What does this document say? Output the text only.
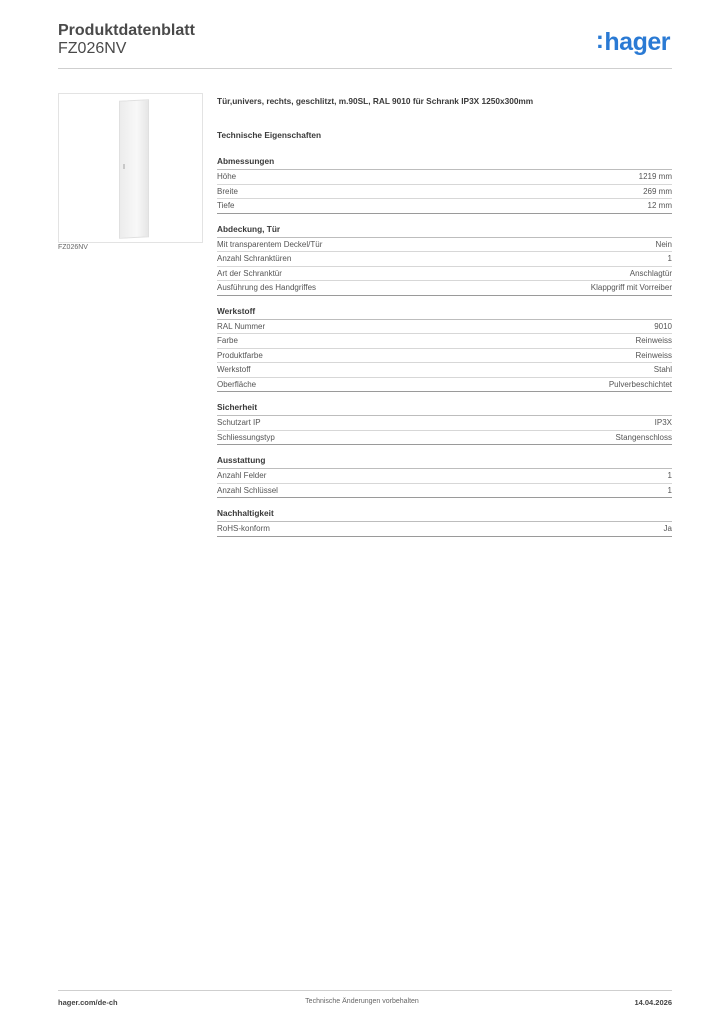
Produktdatenblatt
FZ026NV	:hager
FZ026NV
Tür,univers, rechts, geschlitzt, m.90SL, RAL 9010 für Schrank IP3X 1250x300mm
Technische Eigenschaften
Abmessungen
Höhe	1219 mm
Breite	269 mm
Tiefe	12 mm
Abdeckung, Tür
Mit transparentem Deckel/Tür	Nein
Anzahl Schranktüren	1
Art der Schranktür	Anschlagtür
Ausführung des Handgriffes	Klappgriff mit Vorreiber
Werkstoff
RAL Nummer	9010
Farbe	Reinweiss
Produktfarbe	Reinweiss
Werkstoff	Stahl
Oberfläche	Pulverbeschichtet
Sicherheit
Schutzart IP	IP3X
Schliessungstyp	Stangenschloss
Ausstattung
Anzahl Felder	1
Anzahl Schlüssel	1
Nachhaltigkeit
RoHS-konform	Ja
hager.com/de-ch	Technische Änderungen vorbehalten	14.04.2026
